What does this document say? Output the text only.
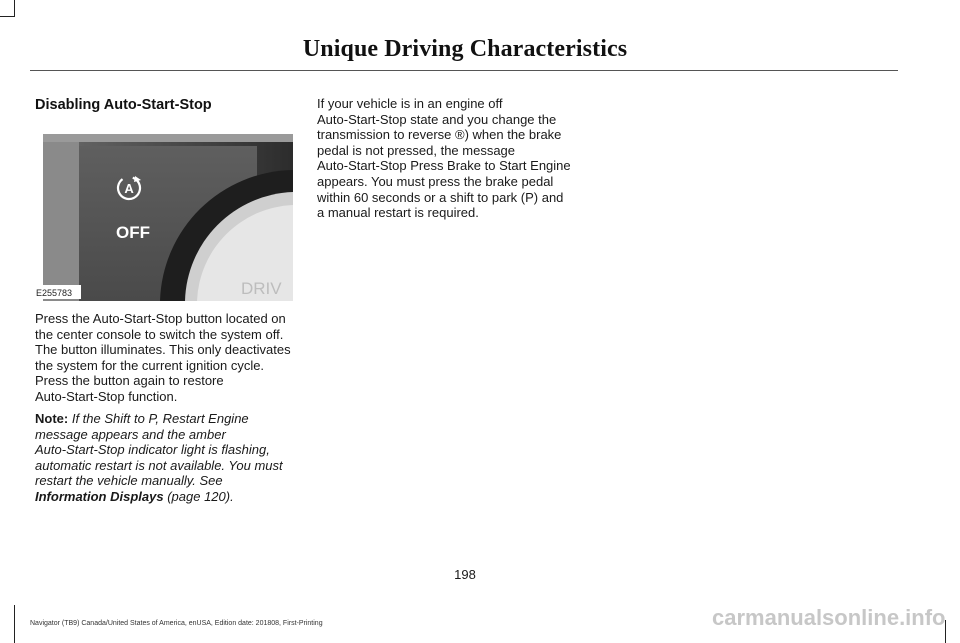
Unique Driving Characteristics
Disabling Auto-Start-Stop
A
OFF
DRIV
E255783
Press the Auto-Start-Stop button located on
the center console to switch the system off.
The button illuminates. This only deactivates
the system for the current ignition cycle.
Press the button again to restore
Auto-Start-Stop function.
Note: If the Shift to P, Restart Engine
message appears and the amber
Auto-Start-Stop indicator light is flashing,
automatic restart is not available. You must
restart the vehicle manually. See
Information Displays (page 120).
If your vehicle is in an engine off
Auto-Start-Stop state and you change the
transmission to reverse ®) when the brake
pedal is not pressed, the message
Auto-Start-Stop Press Brake to Start Engine
appears. You must press the brake pedal
within 60 seconds or a shift to park (P) and
a manual restart is required.
198
Navigator (TB9) Canada/United States of America, enUSA, Edition date: 201808, First-Printing	carmanualsonline.info
